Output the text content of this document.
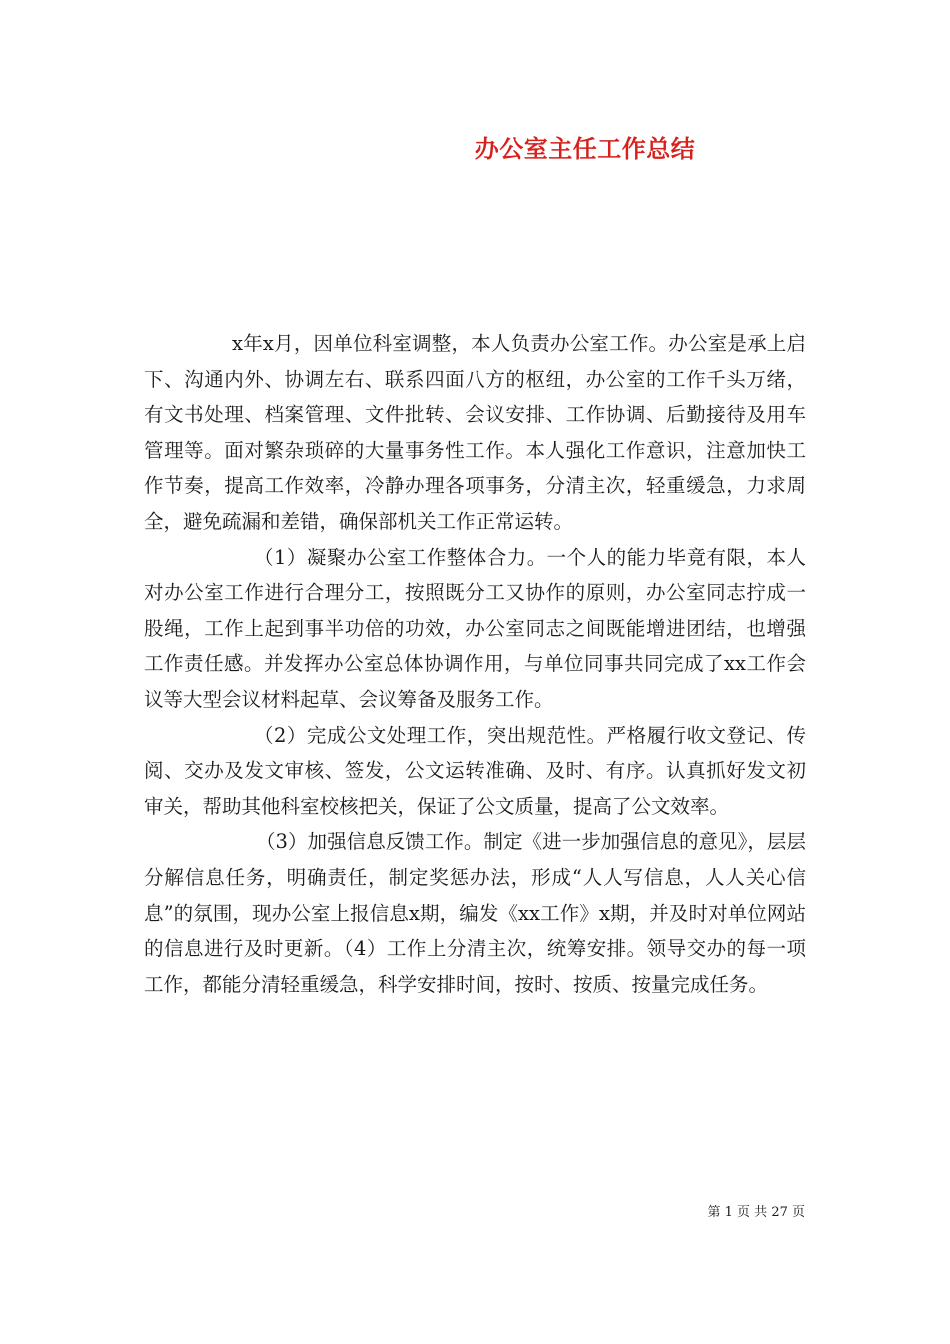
办公室主任工作总结

x年x月，因单位科室调整，本人负责办公室工作。办公室是承上启下、沟通内外、协调左右、联系四面八方的枢纽，办公室的工作千头万绪，有文书处理、档案管理、文件批转、会议安排、工作协调、后勤接待及用车管理等。面对繁杂琐碎的大量事务性工作。本人强化工作意识，注意加快工作节奏，提高工作效率，冷静办理各项事务，分清主次，轻重缓急，力求周全，避免疏漏和差错，确保部机关工作正常运转。

（1）凝聚办公室工作整体合力。一个人的能力毕竟有限，本人对办公室工作进行合理分工，按照既分工又协作的原则，办公室同志拧成一股绳，工作上起到事半功倍的功效，办公室同志之间既能增进团结，也增强工作责任感。并发挥办公室总体协调作用，与单位同事共同完成了xx工作会议等大型会议材料起草、会议筹备及服务工作。

（2）完成公文处理工作，突出规范性。严格履行收文登记、传阅、交办及发文审核、签发，公文运转准确、及时、有序。认真抓好发文初审关，帮助其他科室校核把关，保证了公文质量，提高了公文效率。

（3）加强信息反馈工作。制定《进一步加强信息的意见》，层层分解信息任务，明确责任，制定奖惩办法，形成“人人写信息，人人关心信息”的氛围，现办公室上报信息x期，编发《xx工作》x期，并及时对单位网站的信息进行及时更新。（4）工作上分清主次，统筹安排。领导交办的每一项工作，都能分清轻重缓急，科学安排时间，按时、按质、按量完成任务。

第 1 页 共 27 页
